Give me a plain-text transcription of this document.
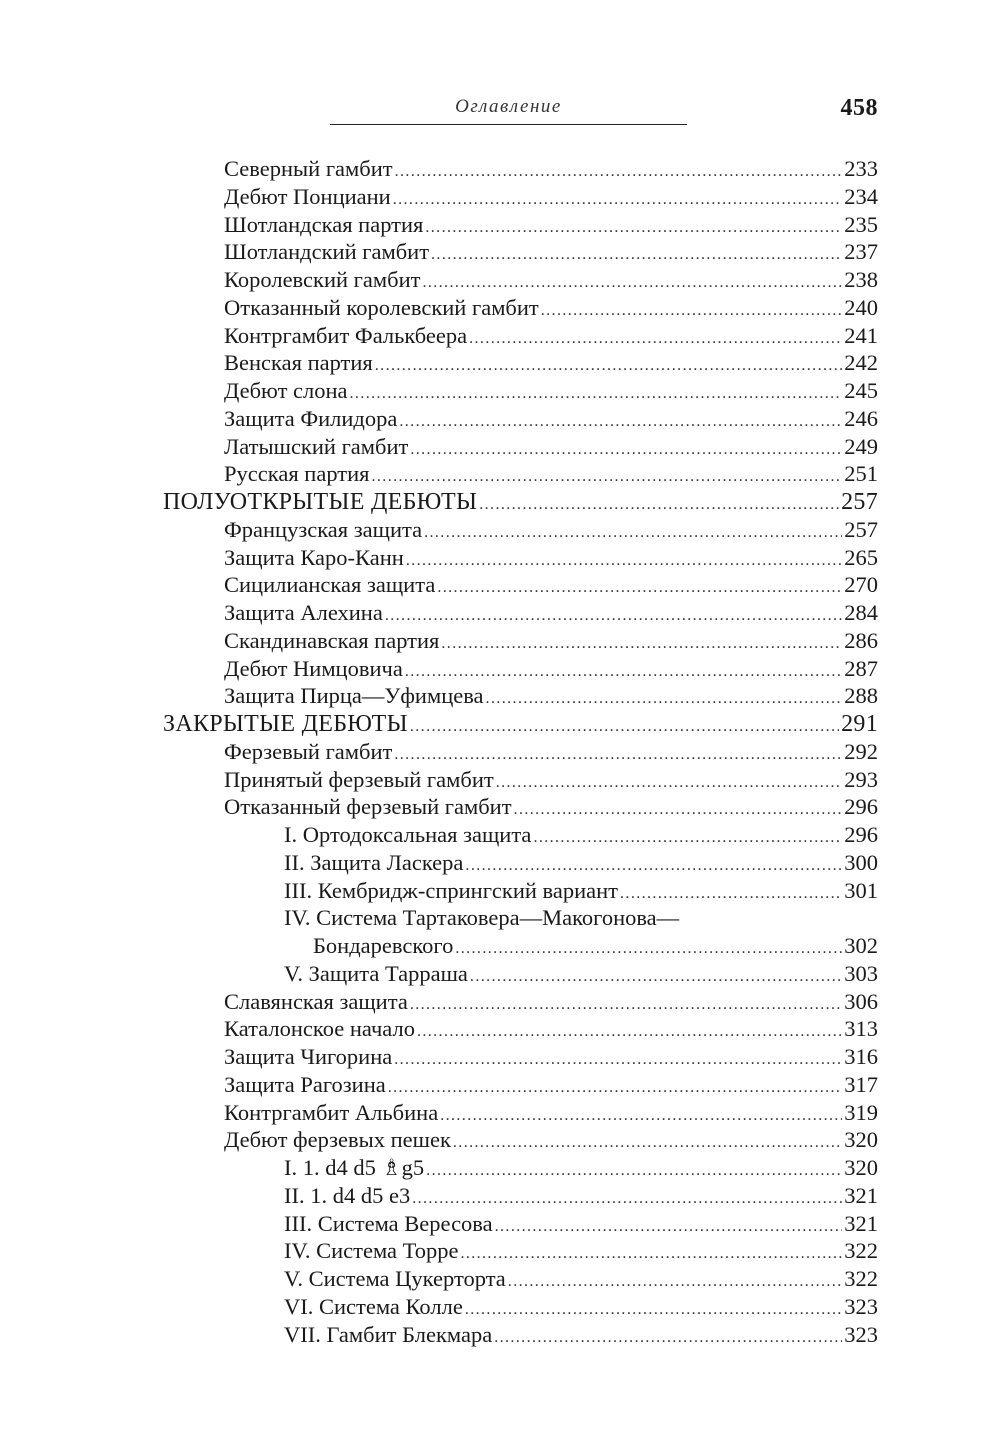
Оглавление	458
Северный гамбит .....	233
Дебют Понциани .....	234
Шотландская партия .....	235
Шотландский гамбит .....	237
Королевский гамбит .....	238
Отказанный королевский гамбит .....	240
Контргамбит Фалькбеера .....	241
Венская партия .....	242
Дебют слона .....	245
Защита Филидора .....	246
Латышский гамбит .....	249
Русская партия .....	251
ПОЛУОТКРЫТЫЕ ДЕБЮТЫ .....	257
Французская защита .....	257
Защита Каро-Канн .....	265
Сицилианская защита .....	270
Защита Алехина .....	284
Скандинавская партия .....	286
Дебют Нимцовича .....	287
Защита Пирца—Уфимцева .....	288
ЗАКРЫТЫЕ ДЕБЮТЫ .....	291
Ферзевый гамбит .....	292
Принятый ферзевый гамбит .....	293
Отказанный ферзевый гамбит .....	296
I. Ортодоксальная защита .....	296
II. Защита Ласкера .....	300
III. Кембридж-спрингский вариант .....	301
IV. Система Тартаковера—Макогонова—
Бондаревского .....	302
V. Защита Тарраша .....	303
Славянская защита .....	306
Каталонское начало .....	313
Защита Чигорина .....	316
Защита Рагозина .....	317
Контргамбит Альбина .....	319
Дебют ферзевых пешек .....	320
I. 1. d4 d5 ♗g5 .....	320
II. 1. d4 d5 e3 .....	321
III. Система Вересова .....	321
IV. Система Торре .....	322
V. Система Цукерторта .....	322
VI. Система Колле .....	323
VII. Гамбит Блекмара .....	323
